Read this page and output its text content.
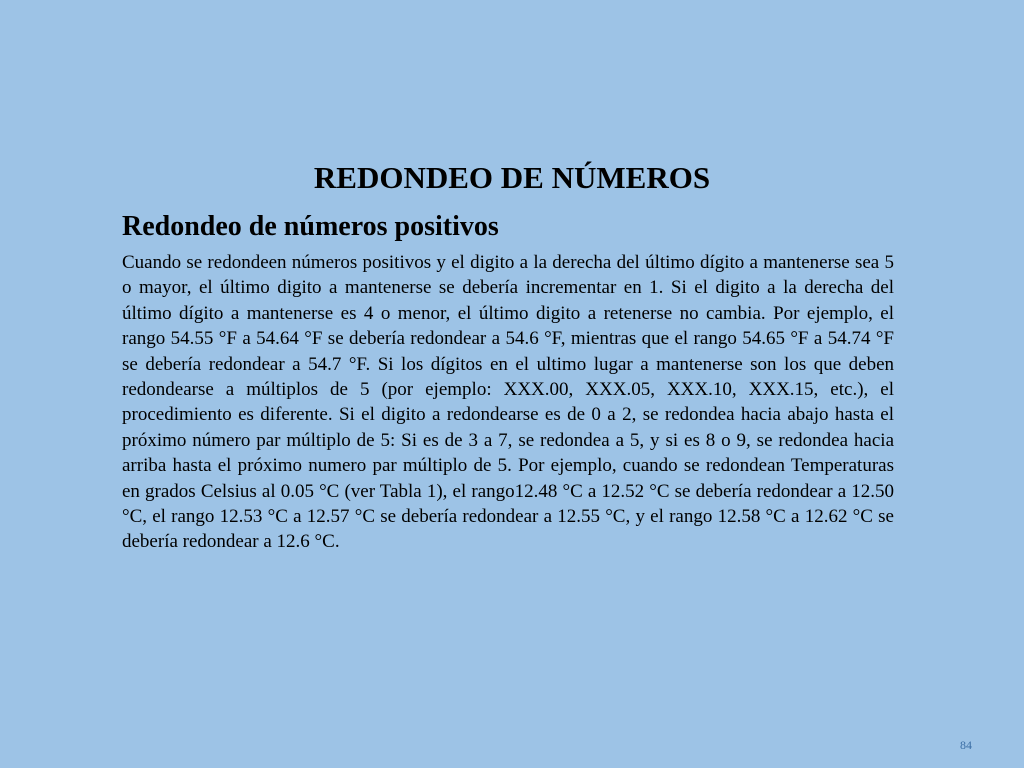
REDONDEO DE NÚMEROS
Redondeo de números positivos

Cuando se redondeen números positivos y el digito a la derecha del último dígito a mantenerse sea 5 o mayor, el último digito a mantenerse se debería incrementar en 1. Si el digito a la derecha del último dígito a mantenerse es 4 o menor, el último digito a retenerse no cambia. Por ejemplo, el rango 54.55 °F a 54.64 °F se debería redondear a 54.6 °F, mientras que el rango 54.65 °F a 54.74 °F se debería redondear a 54.7 °F. Si los dígitos en el ultimo lugar a mantenerse son los que deben redondearse a múltiplos de 5 (por ejemplo: XXX.00, XXX.05, XXX.10, XXX.15, etc.), el procedimiento es diferente. Si el digito a redondearse es de 0 a 2, se redondea hacia abajo hasta el próximo número par múltiplo de 5: Si es de 3 a 7, se redondea a 5, y si es 8 o 9, se redondea hacia arriba hasta el próximo numero par múltiplo de 5. Por ejemplo, cuando se redondean Temperaturas en grados Celsius al 0.05 °C (ver Tabla 1), el rango12.48 °C a 12.52 °C se debería redondear a 12.50 °C, el rango 12.53 °C a 12.57 °C se debería redondear a 12.55 °C, y el rango 12.58 °C a 12.62 °C se debería redondear a 12.6 °C.

84
